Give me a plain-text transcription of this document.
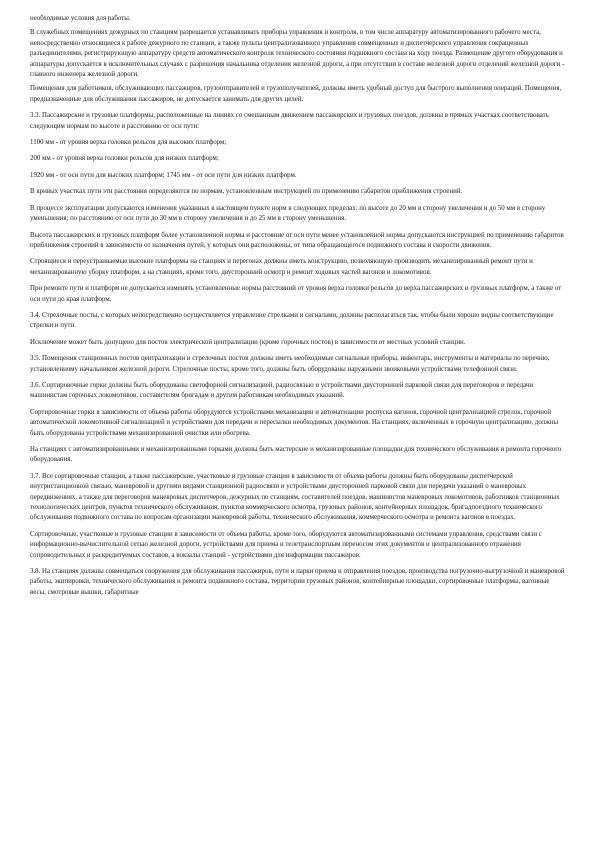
необходимые условия для работы.

В служебных помещениях дежурных по станциям разрешается устанавливать приборы управления и контроля, в том числе аппаратуру автоматизированного рабочего места, непосредственно относящиеся к работе дежурного по станции, а также пульты централизованного управления совмещенных и диспетчерского управления сокращенных разъединителями, регистрирующую аппаратуру средств автоматического контроля технического состояния подвижного состава на ходу поезда. Размещение другого оборудования и аппаратуры допускается в исключительных случаях с разрешения начальника отделения железной дороги, а при отсутствии в составе железной дороги отделений железной дороги - главного инженера железной дороги.

Помещения для работников, обслуживающих пассажиров, грузоотправителей и грузополучателей, должны иметь удобный доступ для быстрого выполнения операций. Помещения, предназначенные для обслуживания пассажиров, не допускается занимать для других целей.

3.3. Пассажирские и грузовые платформы, расположенные на линиях со смешанным движением пассажирских и грузовых поездов, должны в прямых участках соответствовать следующим нормам по высоте и расстоянию от оси пути:

1100 мм - от уровня верха головки рельсов для высоких платформ;

200 мм - от уровня верха головки рельсов для низких платформ;

1920 мм - от оси пути для высоких платформ; 1745 мм - от оси пути для низких платформ.

В кривых участках пути эти расстояния определяются по нормам, установленным инструкцией по применению габаритов приближения строений.

В процессе эксплуатации допускаются изменения указанных в настоящем пункте норм в следующих пределах: по высоте до 20 мм в сторону увеличения и до 50 мм в сторону уменьшения; по расстоянию от оси пути до 30 мм в сторону увеличения и до 25 мм в сторону уменьшения.

Высота пассажирских и грузовых платформ более установленной нормы и расстояние от оси пути менее установленной нормы допускаются инструкцией по применению габаритов приближения строений в зависимости от назначения путей, у которых они расположены, от типа обращающегося подвижного состава и скорости движения.

Строящиеся и переустраиваемые высокие платформы на станциях и перегонах должны иметь конструкцию, позволяющую производить механизированный ремонт пути и механизированную уборку платформ, а на станциях, кроме того, двусторонний осмотр и ремонт ходовых частей вагонов и локомотивов.

При ремонте пути и платформ не допускается изменять установленные нормы расстояний от уровня верха головки рельсов до верха пассажирских и грузовых платформ, а также от оси пути до края платформ.

3.4. Стрелочные посты, с которых непосредственно осуществляется управление стрелками и сигналами, должны располагаться так, чтобы были хорошо видны соответствующие стрелки и пути.

Исключение может быть допущено для постов электрической централизации (кроме горочных постов) в зависимости от местных условий станции.

3.5. Помещения станционных постов централизации и стрелочных постов должны иметь необходимые сигнальные приборы, инвентарь, инструменты и материалы по перечню, установленному начальником железной дороги. Стрелочные посты, кроме того, должны быть оборудованы наружными звонковыми устройствами телефонной связи.

3.6. Сортировочные горки должны быть оборудованы светофорной сигнализацией, радиосвязью и устройствами двусторонней парковой связи для переговоров и передачи машинистам горочных локомотивов, составителям бригадам и другим работникам необходимых указаний.

Сортировочные горки в зависимости от объема работы оборудуются устройствами механизации и автоматизации роспуска вагонов, горочной централизацией стрелок, горочной автоматической локомотивной сигнализацией и устройствами для передачи и пересылки необходимых документов. На станциях, включенных в горочную централизацию, должны быть оборудованы устройствами механизированной очистки или обогрева.

На станциях с автоматизированными и механизированными горками должны быть мастерские и механизированные площадки для технического обслуживания и ремонта горочного оборудования.

3.7. Все сортировочные станции, а также пассажирские, участковые и грузовые станции в зависимости от объема работы должны быть оборудованы диспетчерской внутристанционной связью, маневровой и другими видами станционной радиосвязи и устройствами двусторонней парковой связи для передачи указаний о маневровых передвижениях, а также для переговоров маневровых диспетчеров, дежурных по станциям, составителей поездов, машинистов маневровых локомотивов, работников станционных технологических центров, пунктов технического обслуживания, пунктов коммерческого осмотра, грузовых районов, контейнерных площадок, бригадпоездного технического обслуживания подвижного состава по вопросам организации маневровой работы, технического обслуживания, коммерческого осмотра и ремонта вагонов в поездах.

Сортировочные, участковые и грузовые станции в зависимости от объема работы, кроме того, оборудуются автоматизированными системами управления, средствами связи с информационно-вычислительной сетью железной дороги, устройствами для приема и телетранспортным переносом этих документов и централизованного отражения сопроводительных и раскредитуемых составов, а вокзалы станций - устройствами для информации пассажиров.

3.8. На станциях должны совмещаться сооружения для обслуживания пассажиров, пути и парки приема и отправления поездов, производства погрузочно-выгрузочной и маневровой работы, экипировки, технического обслуживания и ремонта подвижного состава, территории грузовых районов, контейнерные площадки, сортировочные платформы, вагонные весы, смотровые вышки, габаритные
